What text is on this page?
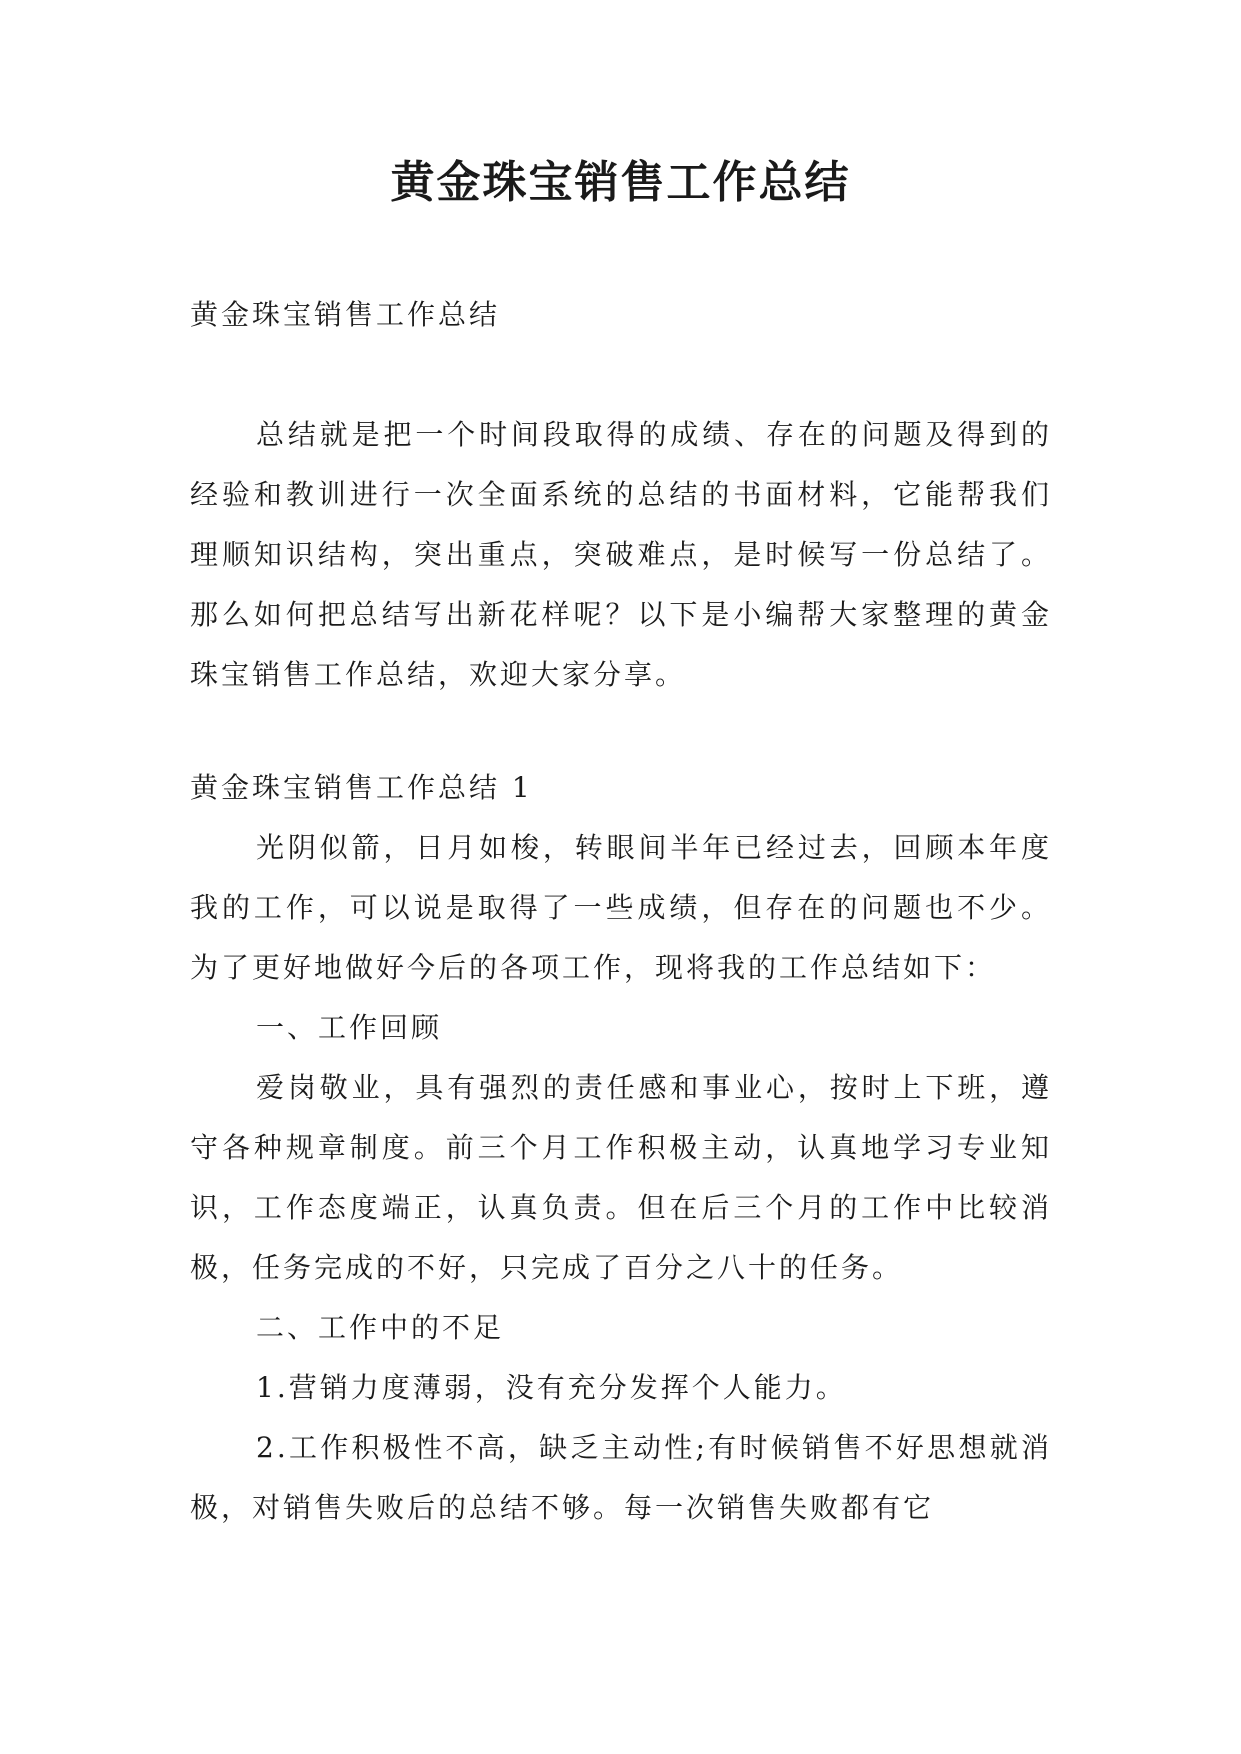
黄金珠宝销售工作总结

黄金珠宝销售工作总结

总结就是把一个时间段取得的成绩、存在的问题及得到的经验和教训进行一次全面系统的总结的书面材料，它能帮我们理顺知识结构，突出重点，突破难点，是时候写一份总结了。那么如何把总结写出新花样呢？以下是小编帮大家整理的黄金珠宝销售工作总结，欢迎大家分享。

黄金珠宝销售工作总结 1

光阴似箭，日月如梭，转眼间半年已经过去，回顾本年度我的工作，可以说是取得了一些成绩，但存在的问题也不少。为了更好地做好今后的各项工作，现将我的工作总结如下：

一、工作回顾

爱岗敬业，具有强烈的责任感和事业心，按时上下班，遵守各种规章制度。前三个月工作积极主动，认真地学习专业知识，工作态度端正，认真负责。但在后三个月的工作中比较消极，任务完成的不好，只完成了百分之八十的任务。

二、工作中的不足

1.营销力度薄弱，没有充分发挥个人能力。

2.工作积极性不高，缺乏主动性;有时候销售不好思想就消极，对销售失败后的总结不够。每一次销售失败都有它
